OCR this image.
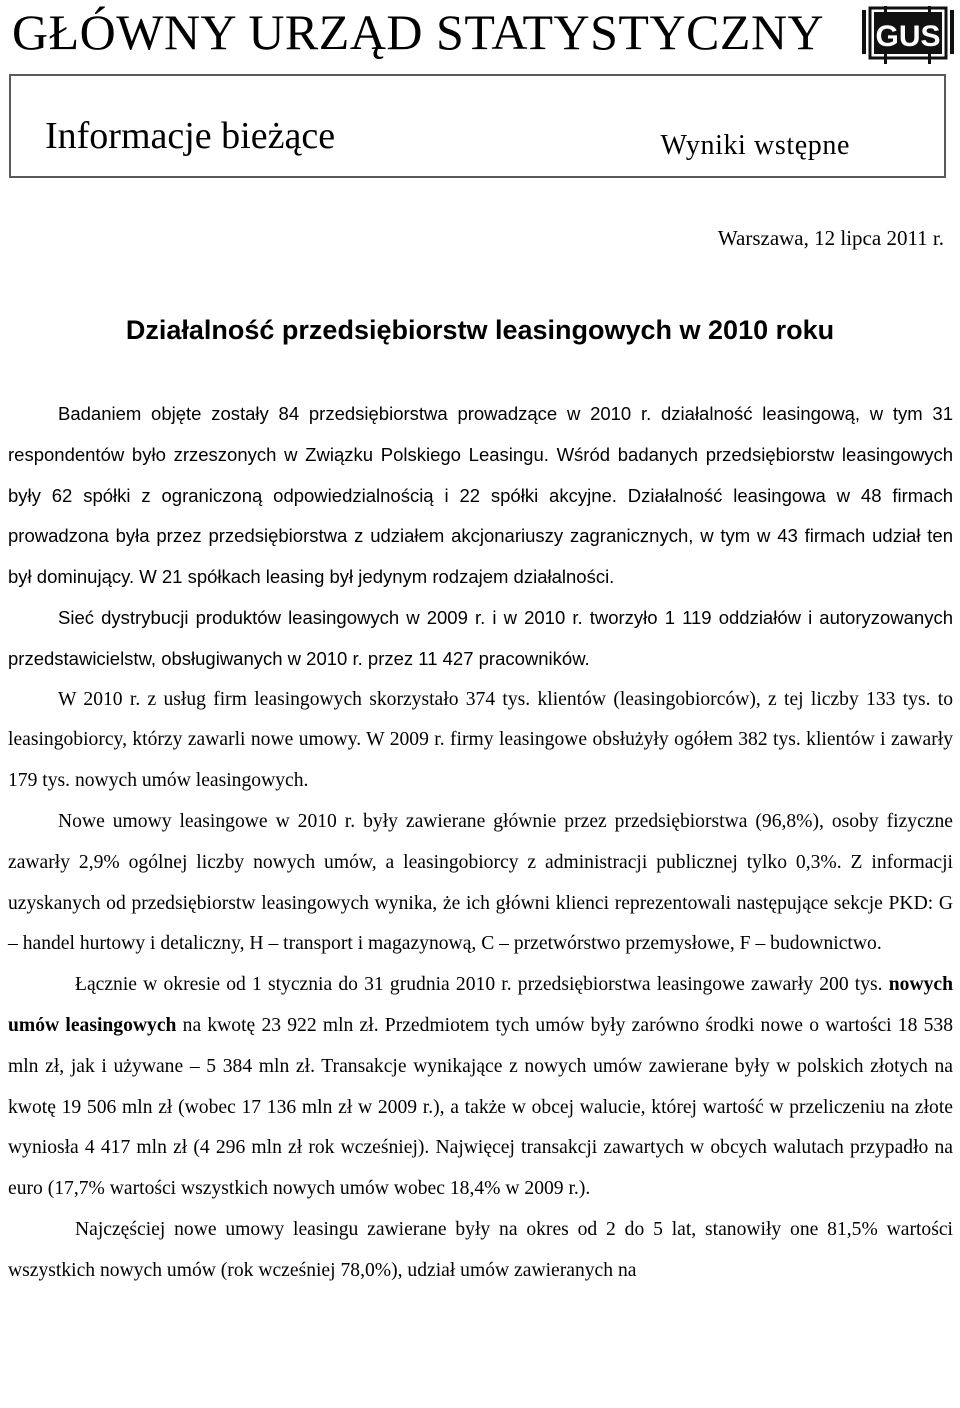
GŁÓWNY URZĄD STATYSTYCZNY GUS
Informacje bieżące	Wyniki wstępne
Warszawa, 12 lipca 2011 r.
Działalność przedsiębiorstw leasingowych w 2010 roku

Badaniem objęte zostały 84 przedsiębiorstwa prowadzące w 2010 r. działalność leasingową, w tym 31 respondentów było zrzeszonych w Związku Polskiego Leasingu. Wśród badanych przedsiębiorstw leasingowych były 62 spółki z ograniczoną odpowiedzialnością i 22 spółki akcyjne. Działalność leasingowa w 48 firmach prowadzona była przez przedsiębiorstwa z udziałem akcjonariuszy zagranicznych, w tym w 43 firmach udział ten był dominujący. W 21 spółkach leasing był jedynym rodzajem działalności.

Sieć dystrybucji produktów leasingowych w 2009 r. i w 2010 r. tworzyło 1 119 oddziałów i autoryzowanych przedstawicielstw, obsługiwanych w 2010 r. przez 11 427 pracowników.

W 2010 r. z usług firm leasingowych skorzystało 374 tys. klientów (leasingobiorców), z tej liczby 133 tys. to leasingobiorcy, którzy zawarli nowe umowy. W 2009 r. firmy leasingowe obsłużyły ogółem 382 tys. klientów i zawarły 179 tys. nowych umów leasingowych.

Nowe umowy leasingowe w 2010 r. były zawierane głównie przez przedsiębiorstwa (96,8%), osoby fizyczne zawarły 2,9% ogólnej liczby nowych umów, a leasingobiorcy z administracji publicznej tylko 0,3%. Z informacji uzyskanych od przedsiębiorstw leasingowych wynika, że ich główni klienci reprezentowali następujące sekcje PKD: G – handel hurtowy i detaliczny, H – transport i magazynową, C – przetwórstwo przemysłowe, F – budownictwo.

Łącznie w okresie od 1 stycznia do 31 grudnia 2010 r. przedsiębiorstwa leasingowe zawarły 200 tys. nowych umów leasingowych na kwotę 23 922 mln zł. Przedmiotem tych umów były zarówno środki nowe o wartości 18 538 mln zł, jak i używane – 5 384 mln zł. Transakcje wynikające z nowych umów zawierane były w polskich złotych na kwotę 19 506 mln zł (wobec 17 136 mln zł w 2009 r.), a także w obcej walucie, której wartość w przeliczeniu na złote wyniosła 4 417 mln zł (4 296 mln zł rok wcześniej). Najwięcej transakcji zawartych w obcych walutach przypadło na euro (17,7% wartości wszystkich nowych umów wobec 18,4% w 2009 r.).

Najczęściej nowe umowy leasingu zawierane były na okres od 2 do 5 lat, stanowiły one 81,5% wartości wszystkich nowych umów (rok wcześniej 78,0%), udział umów zawieranych na
